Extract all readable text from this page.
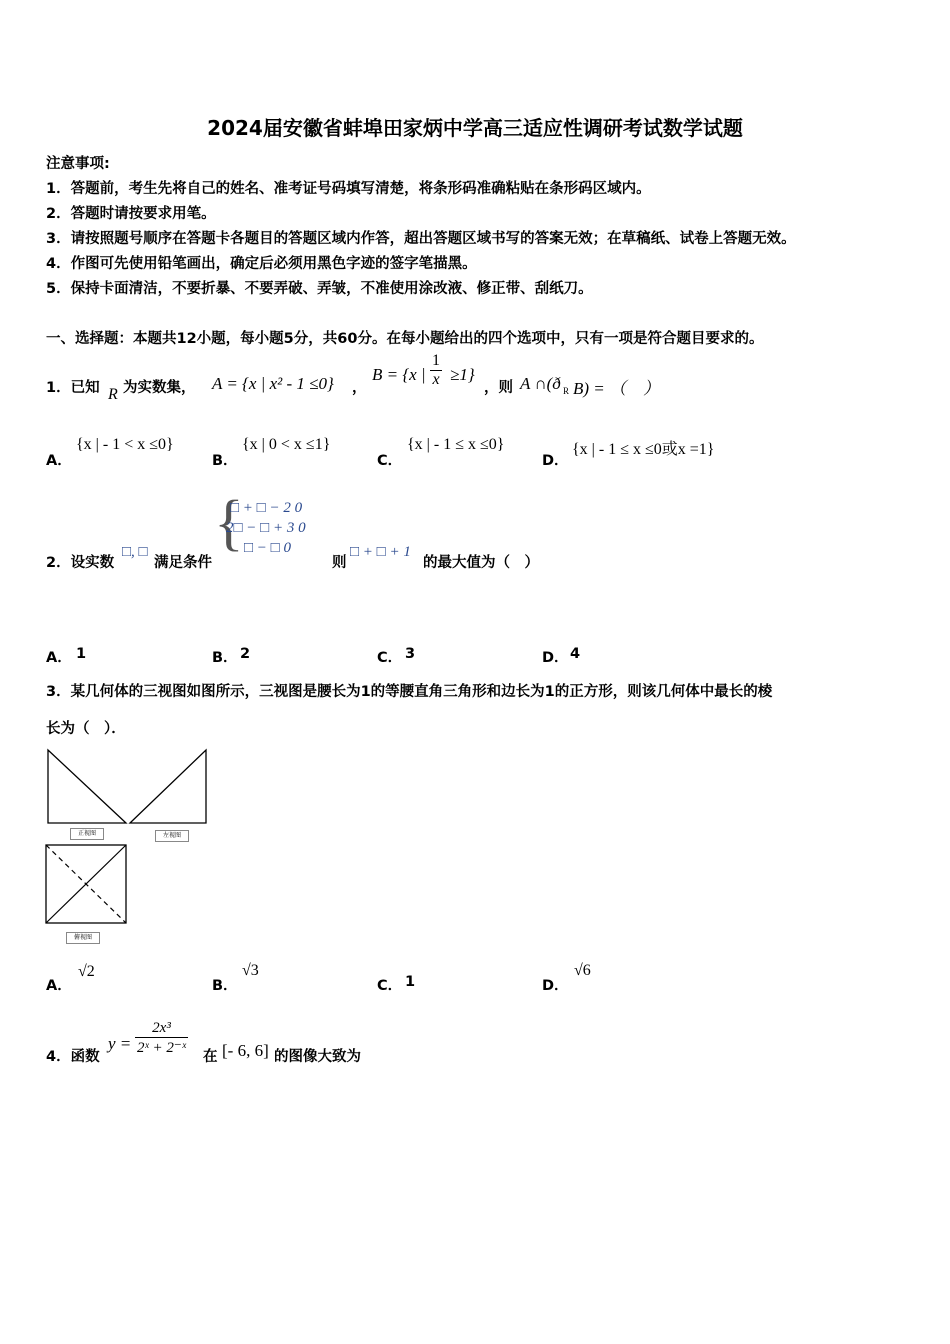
2024届安徽省蚌埠田家炳中学高三适应性调研考试数学试题
注意事项:
1．答题前，考生先将自己的姓名、准考证号码填写清楚，将条形码准确粘贴在条形码区域内。
2．答题时请按要求用笔。
3．请按照题号顺序在答题卡各题目的答题区域内作答，超出答题区域书写的答案无效；在草稿纸、试卷上答题无效。
4．作图可先使用铅笔画出，确定后必须用黑色字迹的签字笔描黑。
5．保持卡面清洁，不要折暴、不要弄破、弄皱，不准使用涂改液、修正带、刮纸刀。
一、选择题：本题共12小题，每小题5分，共60分。在每小题给出的四个选项中，只有一项是符合题目要求的。
1．已知 R 为实数集， A = {x | x² - 1 ≤0} ，
B = {x | $\frac{1}{x} \ge 1$}
，则 A ∩(ð R B) = （　）
A．
{x | - 1 < x ≤0}
B．
{x | 0 < x ≤1}
C．
{x | - 1 ≤ x ≤0}
D．
{x | - 1 ≤ x ≤0或x =1}
2．设实数
□, □
满足条件
{
□ + □ − 2 0
2□ − □ + 3 0
□ − □ 0
则
□ + □ + 1
的最大值为（　）
A． 1	B． 2	C． 3	D． 4
3．某几何体的三视图如图所示，三视图是腰长为1的等腰直角三角形和边长为1的正方形，则该几何体中最长的棱
长为（　）．
正视图	左视图
俯视图
A．
√2
B．
√3
C． 1	D．
√6
4．函数
$y = \frac{\text{2x³}}{\text{2ˣ + 2⁻ˣ}}$ 在 [- 6, 6] 的图像大致为
